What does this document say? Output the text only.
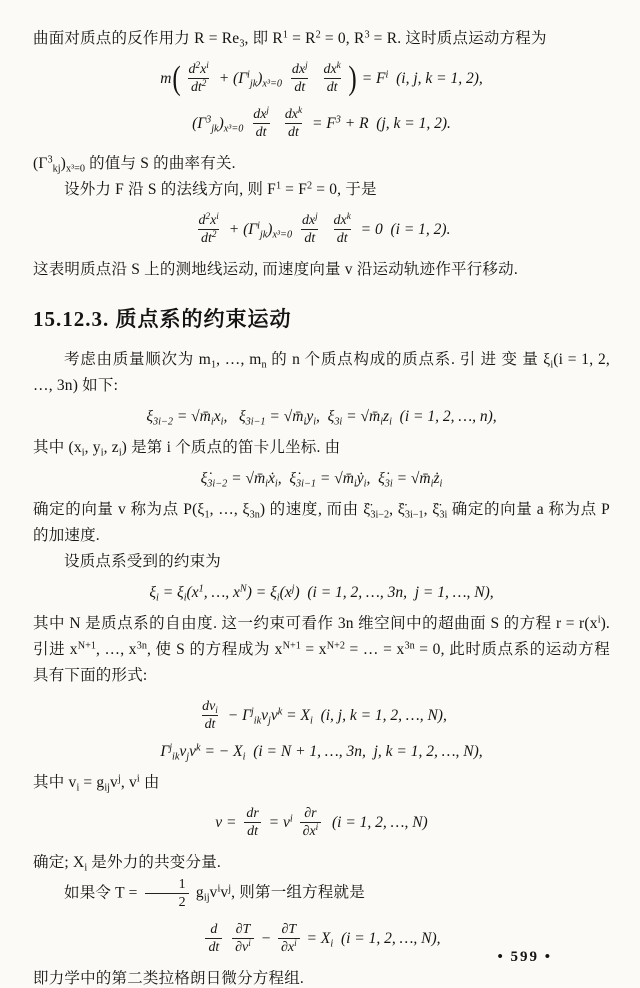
曲面对质点的反作用力 $R = Re_3$, 即 $R^1 = R^2 = 0$, $R^3 = R$. 这时质点运动方程为

m ( $\frac{d^2x^i}{dt^2} + (\Gamma^i_{jk})_{x^3=0} \frac{dx^j}{dt}$
$\frac{dx^k}{dt}$ ) = $F^i$  (i, j, k = 1, 2),
$(\Gamma^3_{jk})_{x^3=0} \frac{dx^j}{dt}$
$\frac{dx^k}{dt} = F^3 + R$  (j, k = 1, 2).

$(\Gamma^3_{kj})_{x^3=0}$ 的值与 S 的曲率有关.

设外力 F 沿 S 的法线方向, 则 $F^1 = F^2 = 0$, 于是

$\frac{d^2x^i}{dt^2} + (\Gamma^i_{jk})_{x^3=0} \frac{dx^j}{dt}$
$\frac{dx^k}{dt} = 0$  (i = 1, 2).

这表明质点沿 S 上的测地线运动, 而速度向量 v 沿运动轨迹作平行移动.

15.12.3. 质点系的约束运动

考虑由质量顺次为 $m_1$, …, $m_n$ 的 n 个质点构成的质点系. 引 进 变 量 $\xi_i(i = 1$, 2, …, 3n) 如下:

$\xi_{3i-2}$ = $√m̄_ix_i$,   $\xi_{3i-1}$ = $√m̄_iy_i$,  $\xi_{3i}$ = $√m̄_iz_i$  (i = 1, 2, …, n),

其中 ($x_i$, $y_i$, $z_i$) 是第 i 个质点的笛卡儿坐标. 由

$\xi̇_{3i-2}$ = $√m̄_iẋ_i$,  $\xi̇_{3i-1}$ = $√m̄_iẏ_i$,  $\xi̇_{3i}$ = $√m̄_iż_i$

确定的向量 v 称为点 $P(\xi_1$, …, $\xi_{3n}$) 的速度, 而由 $\xï_{3i-2}$, $\xï_{3i-1}$, $\xï_{3i}$ 确定的向量 a 称为点 P 的加速度.

设质点系受到的约束为

$\xi_i = \xi_i(x^1$, …, $x^N) = \xi_i(x^j)$  (i = 1, 2, …, 3n,  j = 1, …, N),

其中 N 是质点系的自由度. 这一约束可看作 3n 维空间中的超曲面 S 的方程 $r = r(x^i)$. 引进 $x^{N+1}$, …, $x^{3n}$, 使 S 的方程成为 $x^{N+1} = x^{N+2}$ = … = $x^{3n} = 0$, 此时质点系的运动方程具有下面的形式:

$\frac{dv_i}{dt} - \Gamma^j_{ik}v_jv^k = X_i$  (i, j, k = 1, 2, …, N),
$\Gamma^j_{ik}v_jv^k$ = − $X_i$  (i = N + 1, …, 3n,  j, k = 1, 2, …, N),

其中 $v_i = g_{ij}v^j$, $v^i$ 由

$v = \frac{dr}{dt} = v^i \frac{\partial r}{\partial x^i} (i = 1$, 2, …, N)

确定; $X_i$ 是外力的共变分量.

如果令 $T = \frac{1}{2} g_{ij}v^iv^j$, 则第一组方程就是

$\frac{d}{dt}$
$\frac{\partial T}{\partial v^i} - \frac{\partial T}{\partial x^i} = X_i$  (i = 1, 2, …, N),

即力学中的第二类拉格朗日微分方程组.

• 599 •
